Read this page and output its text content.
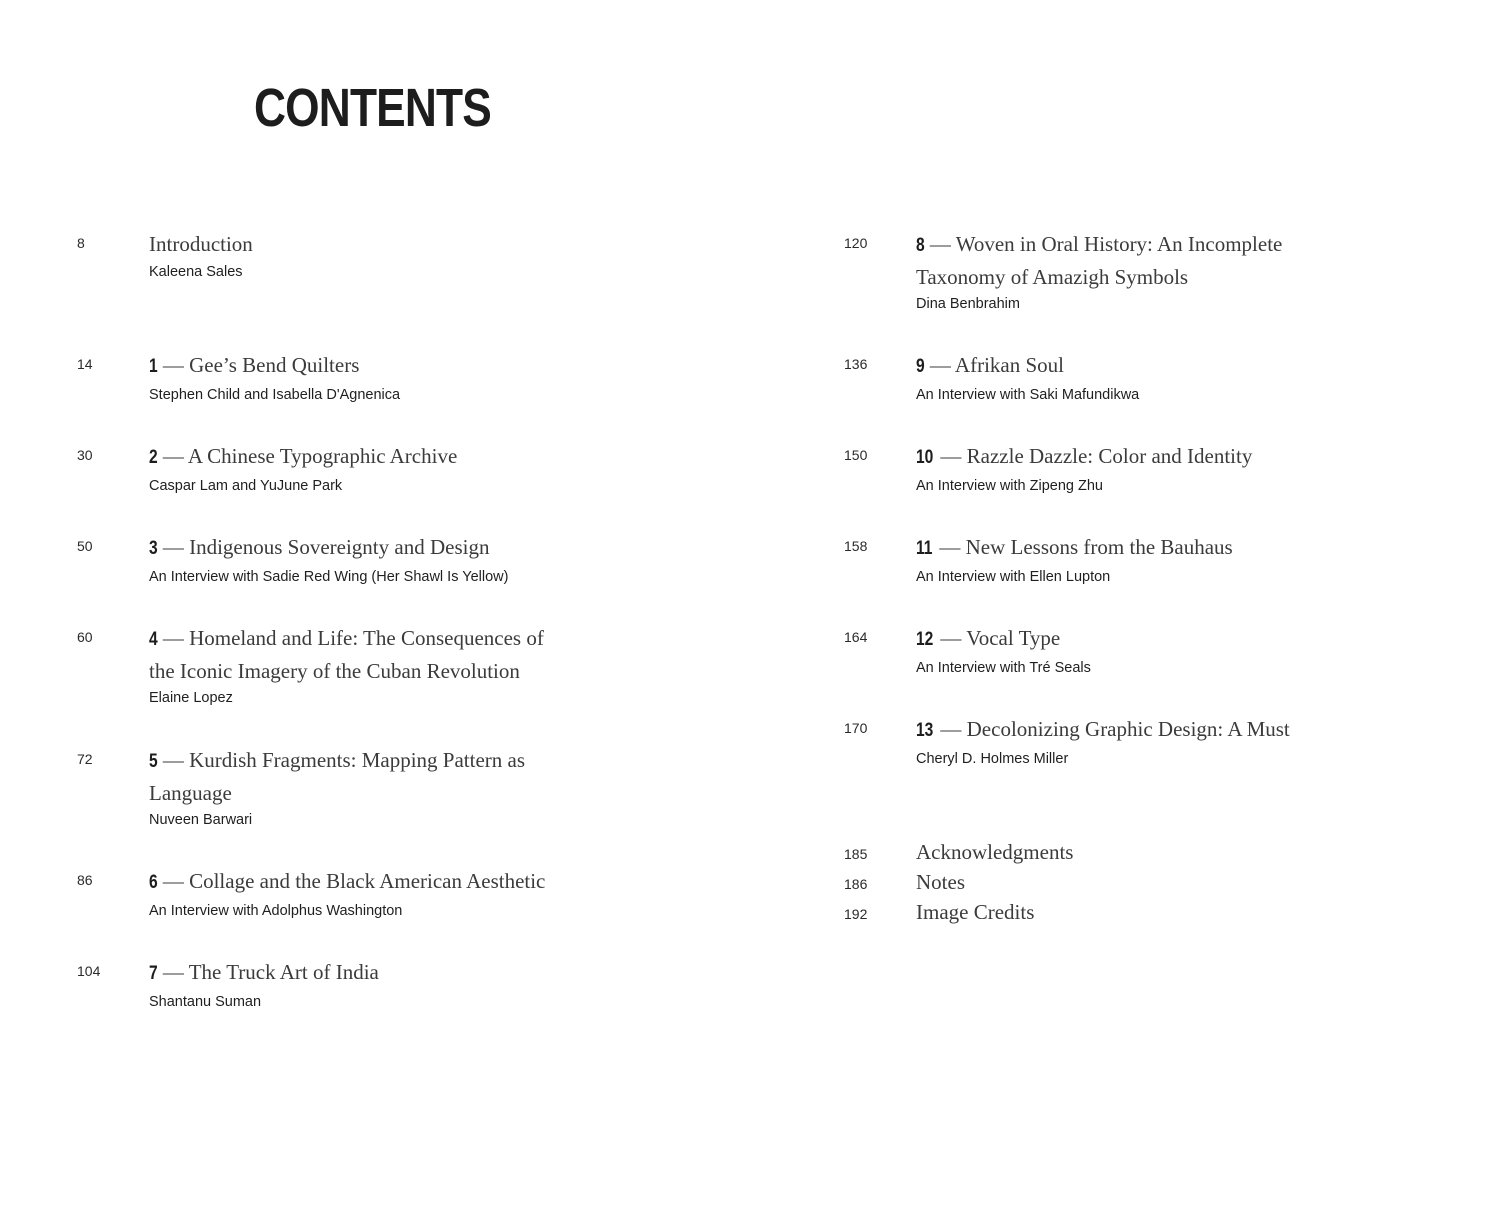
CONTENTS
8	Introduction
Kaleena Sales
14	1 — Gee’s Bend Quilters
Stephen Child and Isabella D'Agnenica
30	2 — A Chinese Typographic Archive
Caspar Lam and YuJune Park
50	3 — Indigenous Sovereignty and Design
An Interview with Sadie Red Wing (Her Shawl Is Yellow)
60	4 — Homeland and Life: The Consequences of
the Iconic Imagery of the Cuban Revolution
Elaine Lopez
72	5 — Kurdish Fragments: Mapping Pattern as
Language
Nuveen Barwari
86	6 — Collage and the Black American Aesthetic
An Interview with Adolphus Washington
104	7 — The Truck Art of India
Shantanu Suman
120	8 — Woven in Oral History: An Incomplete
Taxonomy of Amazigh Symbols
Dina Benbrahim
136	9 — Afrikan Soul
An Interview with Saki Mafundikwa
150	10 — Razzle Dazzle: Color and Identity
An Interview with Zipeng Zhu
158	11 — New Lessons from the Bauhaus
An Interview with Ellen Lupton
164	12 — Vocal Type
An Interview with Tré Seals
170	13 — Decolonizing Graphic Design: A Must
Cheryl D. Holmes Miller
185 Acknowledgments
186 Notes
192 Image Credits
